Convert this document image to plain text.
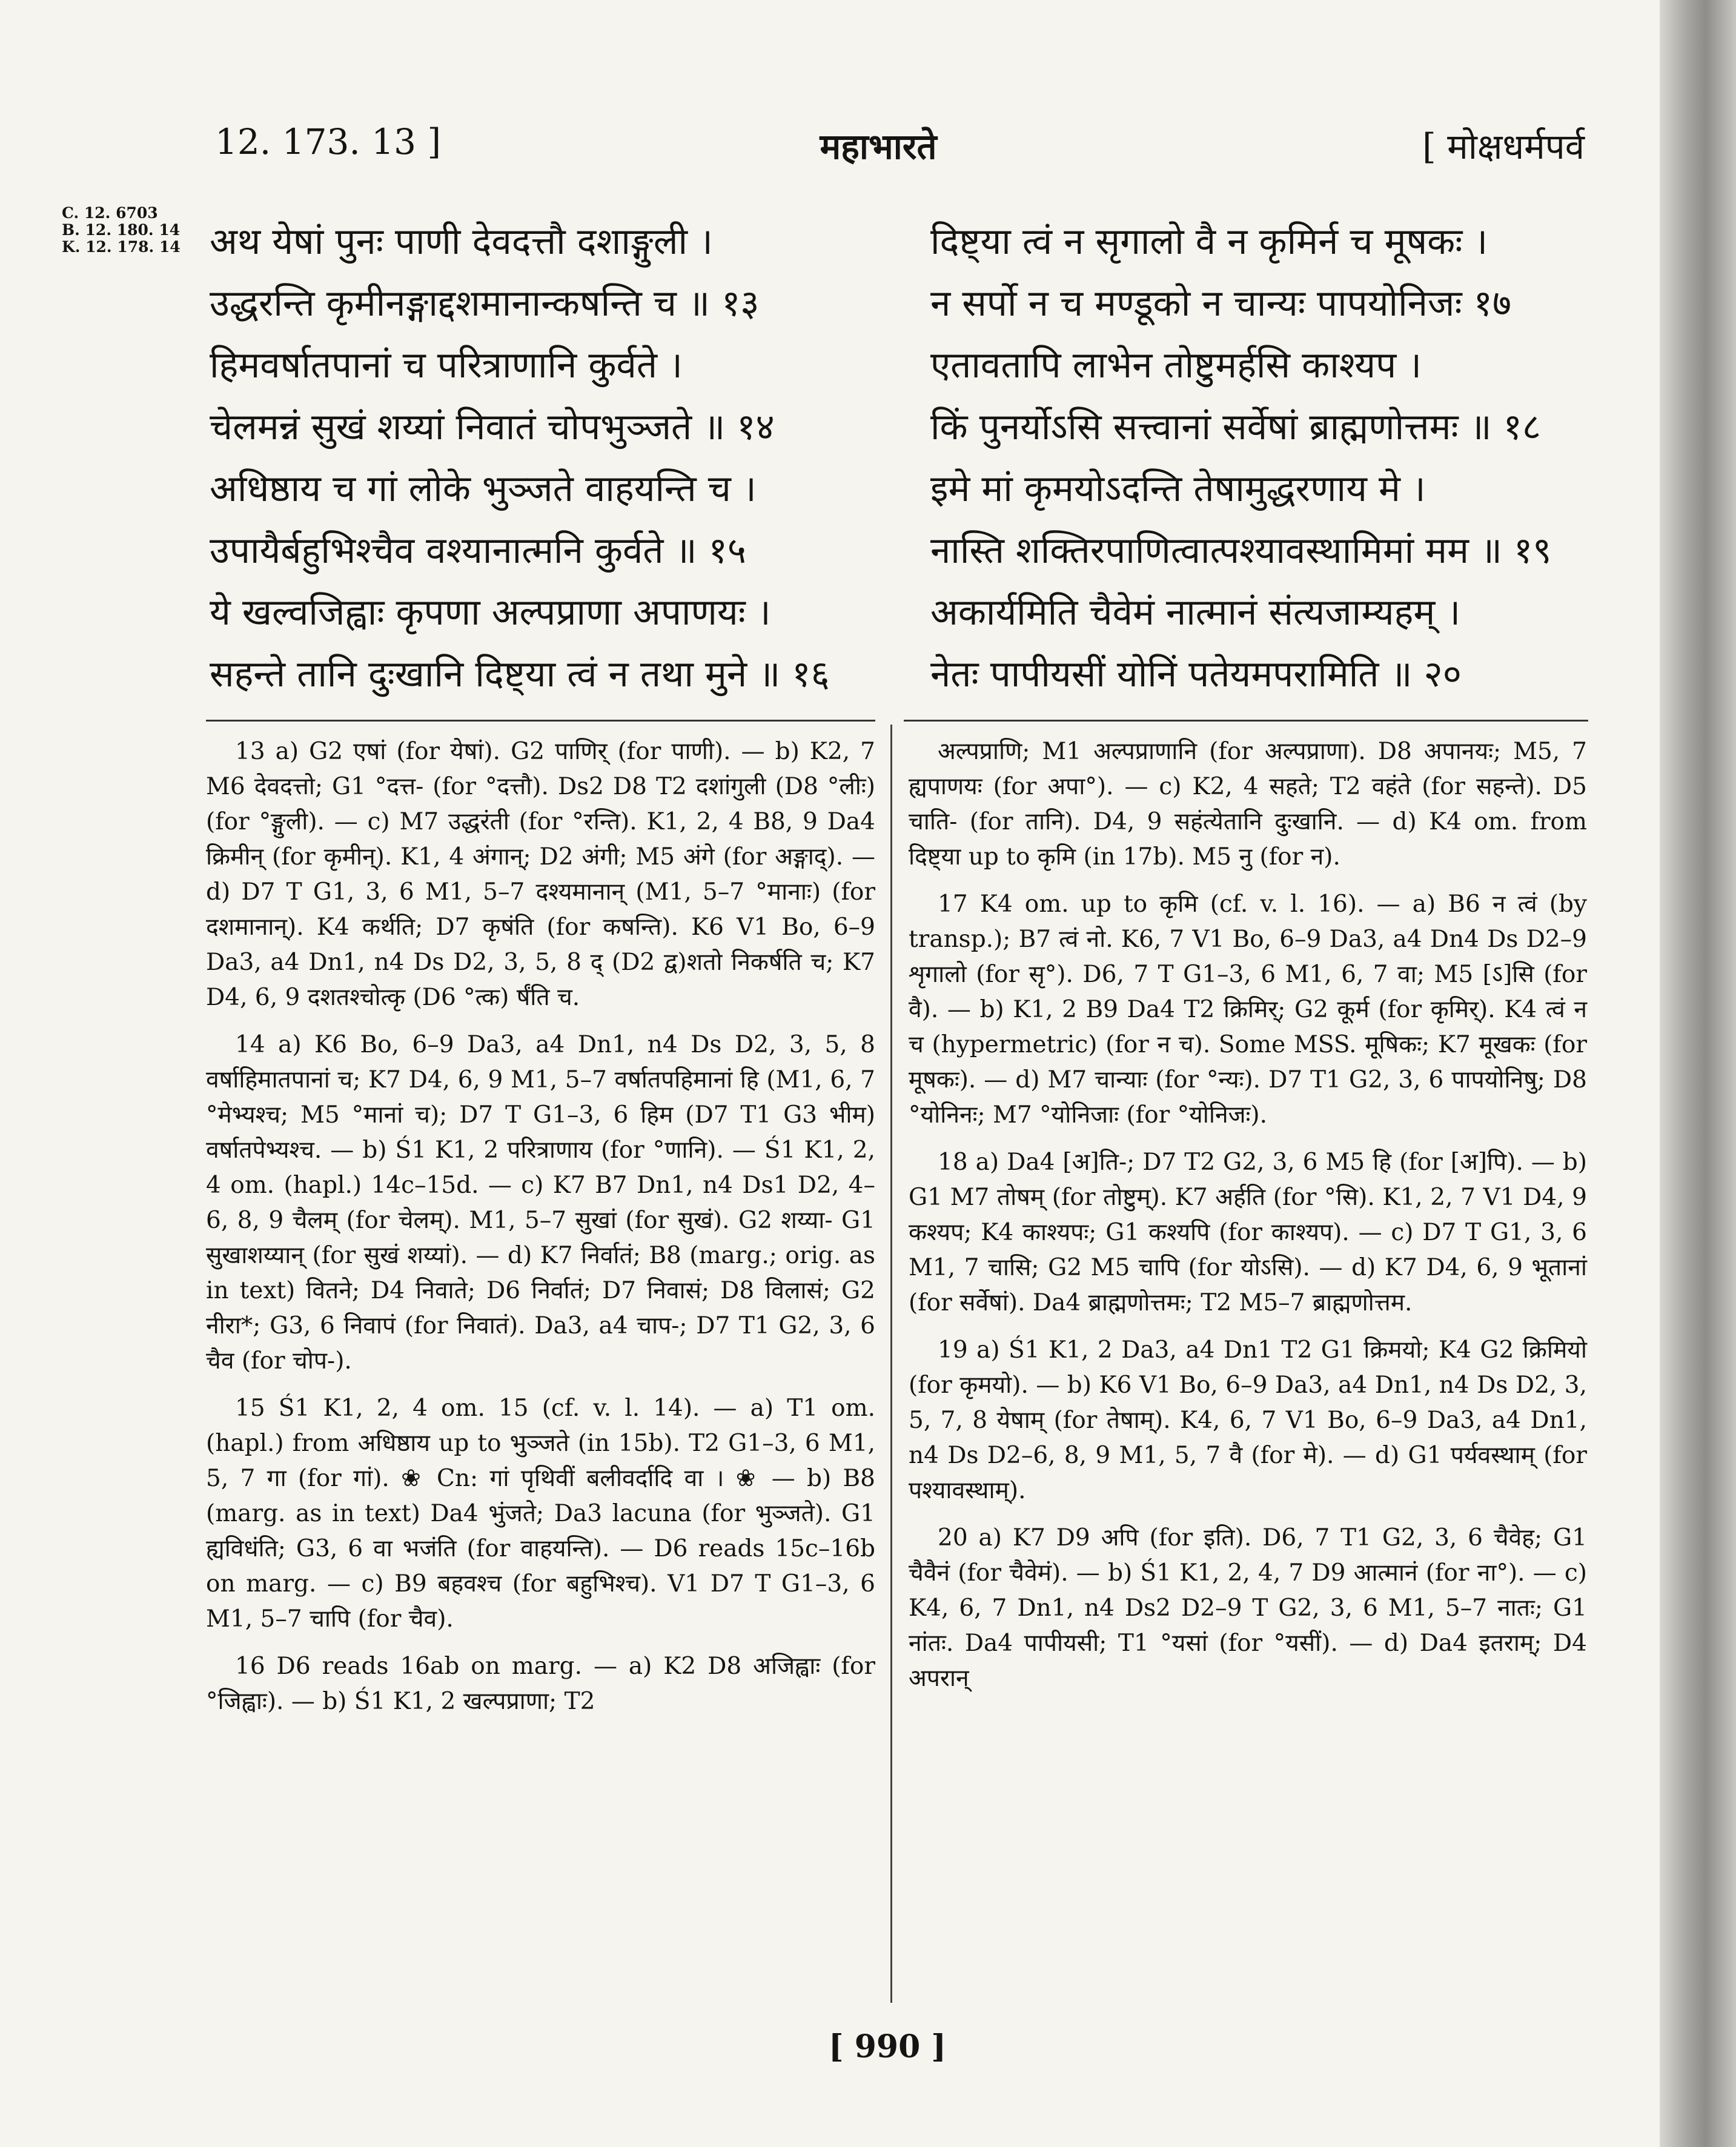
12. 173. 13 ]	महाभारते	[ मोक्षधर्मपर्व
C. 12. 6703
B. 12. 180. 14
K. 12. 178. 14 अथ येषां पुनः पाणी देवदत्तौ दशाङ्गुली ।
उद्धरन्ति कृमीनङ्गाद्दशमानान्कषन्ति च ॥ १३
हिमवर्षातपानां च परित्राणानि कुर्वते ।
चेलमन्नं सुखं शय्यां निवातं चोपभुञ्जते ॥ १४
अधिष्ठाय च गां लोके भुञ्जते वाहयन्ति च ।
उपायैर्बहुभिश्चैव वश्यानात्मनि कुर्वते ॥ १५
ये खल्वजिह्वाः कृपणा अल्पप्राणा अपाणयः ।
सहन्ते तानि दुःखानि दिष्ट्या त्वं न तथा मुने ॥ १६
दिष्ट्या त्वं न सृगालो वै न कृमिर्न च मूषकः ।
न सर्पो न च मण्डूको न चान्यः पापयोनिजः १७
एतावतापि लाभेन तोष्टुमर्हसि काश्यप ।
किं पुनर्योऽसि सत्त्वानां सर्वेषां ब्राह्मणोत्तमः ॥ १८
इमे मां कृमयोऽदन्ति तेषामुद्धरणाय मे ।
नास्ति शक्तिरपाणित्वात्पश्यावस्थामिमां मम ॥ १९
अकार्यमिति चैवेमं नात्मानं संत्यजाम्यहम् ।
नेतः पापीयसीं योनिं पतेयमपरामिति ॥ २०

13 a) G2 एषां (for येषां). G2 पाणिर् (for पाणी). — b) K2, 7 M6 देवदत्तो; G1 °दत्त- (for °दत्तौ). Ds2 D8 T2 दशांगुली (D8 °लीः) (for °ङ्गुली). — c) M7 उद्धरंती (for °रन्ति). K1, 2, 4 B8, 9 Da4 क्रिमीन् (for कृमीन्). K1, 4 अंगान्; D2 अंगी; M5 अंगे (for अङ्गाद्). — d) D7 T G1, 3, 6 M1, 5–7 दश्यमानान् (M1, 5–7 °मानाः) (for दशमानान्). K4 कर्थति; D7 कृषंति (for कषन्ति). K6 V1 Bo, 6–9 Da3, a4 Dn1, n4 Ds D2, 3, 5, 8 द् (D2 द्व)शतो निकर्षति च; K7 D4, 6, 9 दशतश्चोत्कृ (D6 °त्क) र्षंति च.

14 a) K6 Bo, 6–9 Da3, a4 Dn1, n4 Ds D2, 3, 5, 8 वर्षाहिमातपानां च; K7 D4, 6, 9 M1, 5–7 वर्षातपहिमानां हि (M1, 6, 7 °मेभ्यश्च; M5 °मानां च); D7 T G1–3, 6 हिम (D7 T1 G3 भीम) वर्षातपेभ्यश्च. — b) Ś1 K1, 2 परित्राणाय (for °णानि). — Ś1 K1, 2, 4 om. (hapl.) 14c–15d. — c) K7 B7 Dn1, n4 Ds1 D2, 4–6, 8, 9 चैलम् (for चेलम्). M1, 5–7 सुखां (for सुखं). G2 शय्या- G1 सुखाशय्यान् (for सुखं शय्यां). — d) K7 निर्वातं; B8 (marg.; orig. as in text) वितने; D4 निवाते; D6 निर्वातं; D7 निवासं; D8 विलासं; G2 नीरा*; G3, 6 निवापं (for निवातं). Da3, a4 चाप-; D7 T1 G2, 3, 6 चैव (for चोप-).

15 Ś1 K1, 2, 4 om. 15 (cf. v. l. 14). — a) T1 om. (hapl.) from अधिष्ठाय up to भुञ्जते (in 15b). T2 G1–3, 6 M1, 5, 7 गा (for गां). ❀ Cn: गां पृथिवीं बलीवर्दादि वा । ❀ — b) B8 (marg. as in text) Da4 भुंजते; Da3 lacuna (for भुञ्जते). G1 ह्यविधंति; G3, 6 वा भजंति (for वाहयन्ति). — D6 reads 15c–16b on marg. — c) B9 बहवश्च (for बहुभिश्च). V1 D7 T G1–3, 6 M1, 5–7 चापि (for चैव).

16 D6 reads 16ab on marg. — a) K2 D8 अजिह्वाः (for °जिह्वाः). — b) Ś1 K1, 2 खल्पप्राणा; T2

अल्पप्राणि; M1 अल्पप्राणानि (for अल्पप्राणा). D8 अपानयः; M5, 7 ह्यपाणयः (for अपा°). — c) K2, 4 सहते; T2 वहंते (for सहन्ते). D5 चाति- (for तानि). D4, 9 सहंत्येतानि दुःखानि. — d) K4 om. from दिष्ट्या up to कृमि (in 17b). M5 नु (for न).

17 K4 om. up to कृमि (cf. v. l. 16). — a) B6 न त्वं (by transp.); B7 त्वं नो. K6, 7 V1 Bo, 6–9 Da3, a4 Dn4 Ds D2–9 शृगालो (for सृ°). D6, 7 T G1–3, 6 M1, 6, 7 वा; M5 [ऽ]सि (for वै). — b) K1, 2 B9 Da4 T2 क्रिमिर्; G2 कूर्म (for कृमिर्). K4 त्वं न च (hypermetric) (for न च). Some MSS. मूषिकः; K7 मूखकः (for मूषकः). — d) M7 चान्याः (for °न्यः). D7 T1 G2, 3, 6 पापयोनिषु; D8 °योनिनः; M7 °योनिजाः (for °योनिजः).

18 a) Da4 [अ]ति-; D7 T2 G2, 3, 6 M5 हि (for [अ]पि). — b) G1 M7 तोषम् (for तोष्टुम्). K7 अर्हति (for °सि). K1, 2, 7 V1 D4, 9 कश्यप; K4 काश्यपः; G1 कश्यपि (for काश्यप). — c) D7 T G1, 3, 6 M1, 7 चासि; G2 M5 चापि (for योऽसि). — d) K7 D4, 6, 9 भूतानां (for सर्वेषां). Da4 ब्राह्मणोत्तमः; T2 M5–7 ब्राह्मणोत्तम.

19 a) Ś1 K1, 2 Da3, a4 Dn1 T2 G1 क्रिमयो; K4 G2 क्रिमियो (for कृमयो). — b) K6 V1 Bo, 6–9 Da3, a4 Dn1, n4 Ds D2, 3, 5, 7, 8 येषाम् (for तेषाम्). K4, 6, 7 V1 Bo, 6–9 Da3, a4 Dn1, n4 Ds D2–6, 8, 9 M1, 5, 7 वै (for मे). — d) G1 पर्यवस्थाम् (for पश्यावस्थाम्).

20 a) K7 D9 अपि (for इति). D6, 7 T1 G2, 3, 6 चैवेह; G1 चैवैनं (for चैवेमं). — b) Ś1 K1, 2, 4, 7 D9 आत्मानं (for ना°). — c) K4, 6, 7 Dn1, n4 Ds2 D2–9 T G2, 3, 6 M1, 5–7 नातः; G1 नांतः. Da4 पापीयसी; T1 °यसां (for °यसीं). — d) Da4 इतराम्; D4 अपरान्

[ 990 ]
